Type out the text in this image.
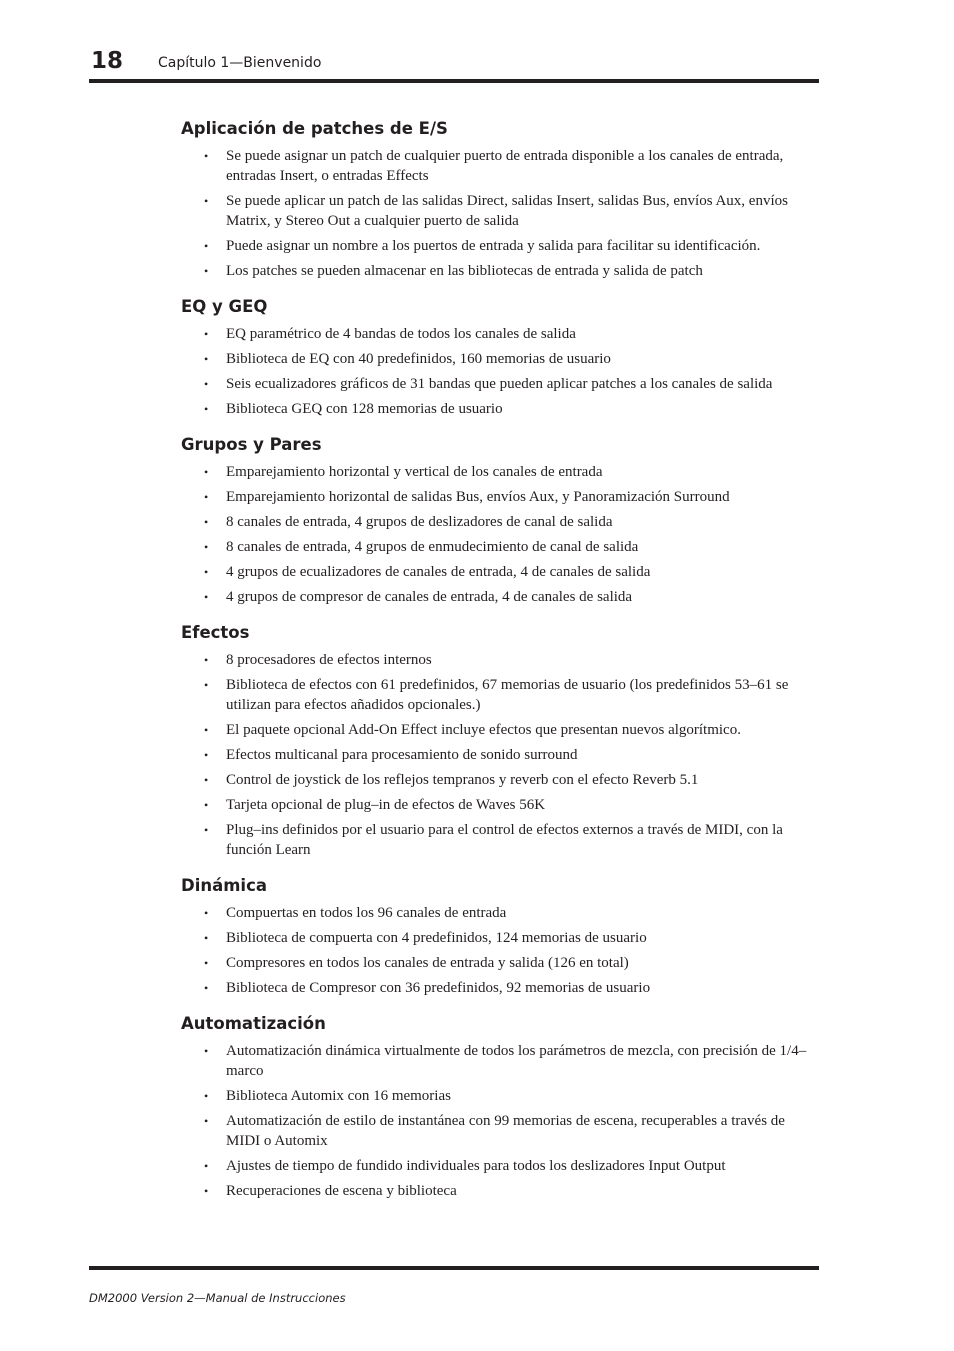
18 Capítulo 1—Bienvenido
Aplicación de patches de E/S
• Se puede asignar un patch de cualquier puerto de entrada disponible a los canales de entrada, entradas Insert, o entradas Effects
• Se puede aplicar un patch de las salidas Direct, salidas Insert, salidas Bus, envíos Aux, envíos Matrix, y Stereo Out a cualquier puerto de salida
• Puede asignar un nombre a los puertos de entrada y salida para facilitar su identificación.
• Los patches se pueden almacenar en las bibliotecas de entrada y salida de patch
EQ y GEQ
• EQ paramétrico de 4 bandas de todos los canales de salida
• Biblioteca de EQ con 40 predefinidos, 160 memorias de usuario
• Seis ecualizadores gráficos de 31 bandas que pueden aplicar patches a los canales de salida
• Biblioteca GEQ con 128 memorias de usuario
Grupos y Pares
• Emparejamiento horizontal y vertical de los canales de entrada
• Emparejamiento horizontal de salidas Bus, envíos Aux, y Panoramización Surround
• 8 canales de entrada, 4 grupos de deslizadores de canal de salida
• 8 canales de entrada, 4 grupos de enmudecimiento de canal de salida
• 4 grupos de ecualizadores de canales de entrada, 4 de canales de salida
• 4 grupos de compresor de canales de entrada, 4 de canales de salida
Efectos
• 8 procesadores de efectos internos
• Biblioteca de efectos con 61 predefinidos, 67 memorias de usuario (los predefinidos 53–61 se utilizan para efectos añadidos opcionales.)
• El paquete opcional Add-On Effect incluye efectos que presentan nuevos algorítmico.
• Efectos multicanal para procesamiento de sonido surround
• Control de joystick de los reflejos tempranos y reverb con el efecto Reverb 5.1
• Tarjeta opcional de plug–in de efectos de Waves 56K
• Plug–ins definidos por el usuario para el control de efectos externos a través de MIDI, con la función Learn
Dinámica
• Compuertas en todos los 96 canales de entrada
• Biblioteca de compuerta con 4 predefinidos, 124 memorias de usuario
• Compresores en todos los canales de entrada y salida (126 en total)
• Biblioteca de Compresor con 36 predefinidos, 92 memorias de usuario
Automatización
• Automatización dinámica virtualmente de todos los parámetros de mezcla, con precisión de 1/4–marco
• Biblioteca Automix con 16 memorias
• Automatización de estilo de instantánea con 99 memorias de escena, recuperables a través de MIDI o Automix
• Ajustes de tiempo de fundido individuales para todos los deslizadores Input Output
• Recuperaciones de escena y biblioteca
DM2000 Version 2—Manual de Instrucciones
